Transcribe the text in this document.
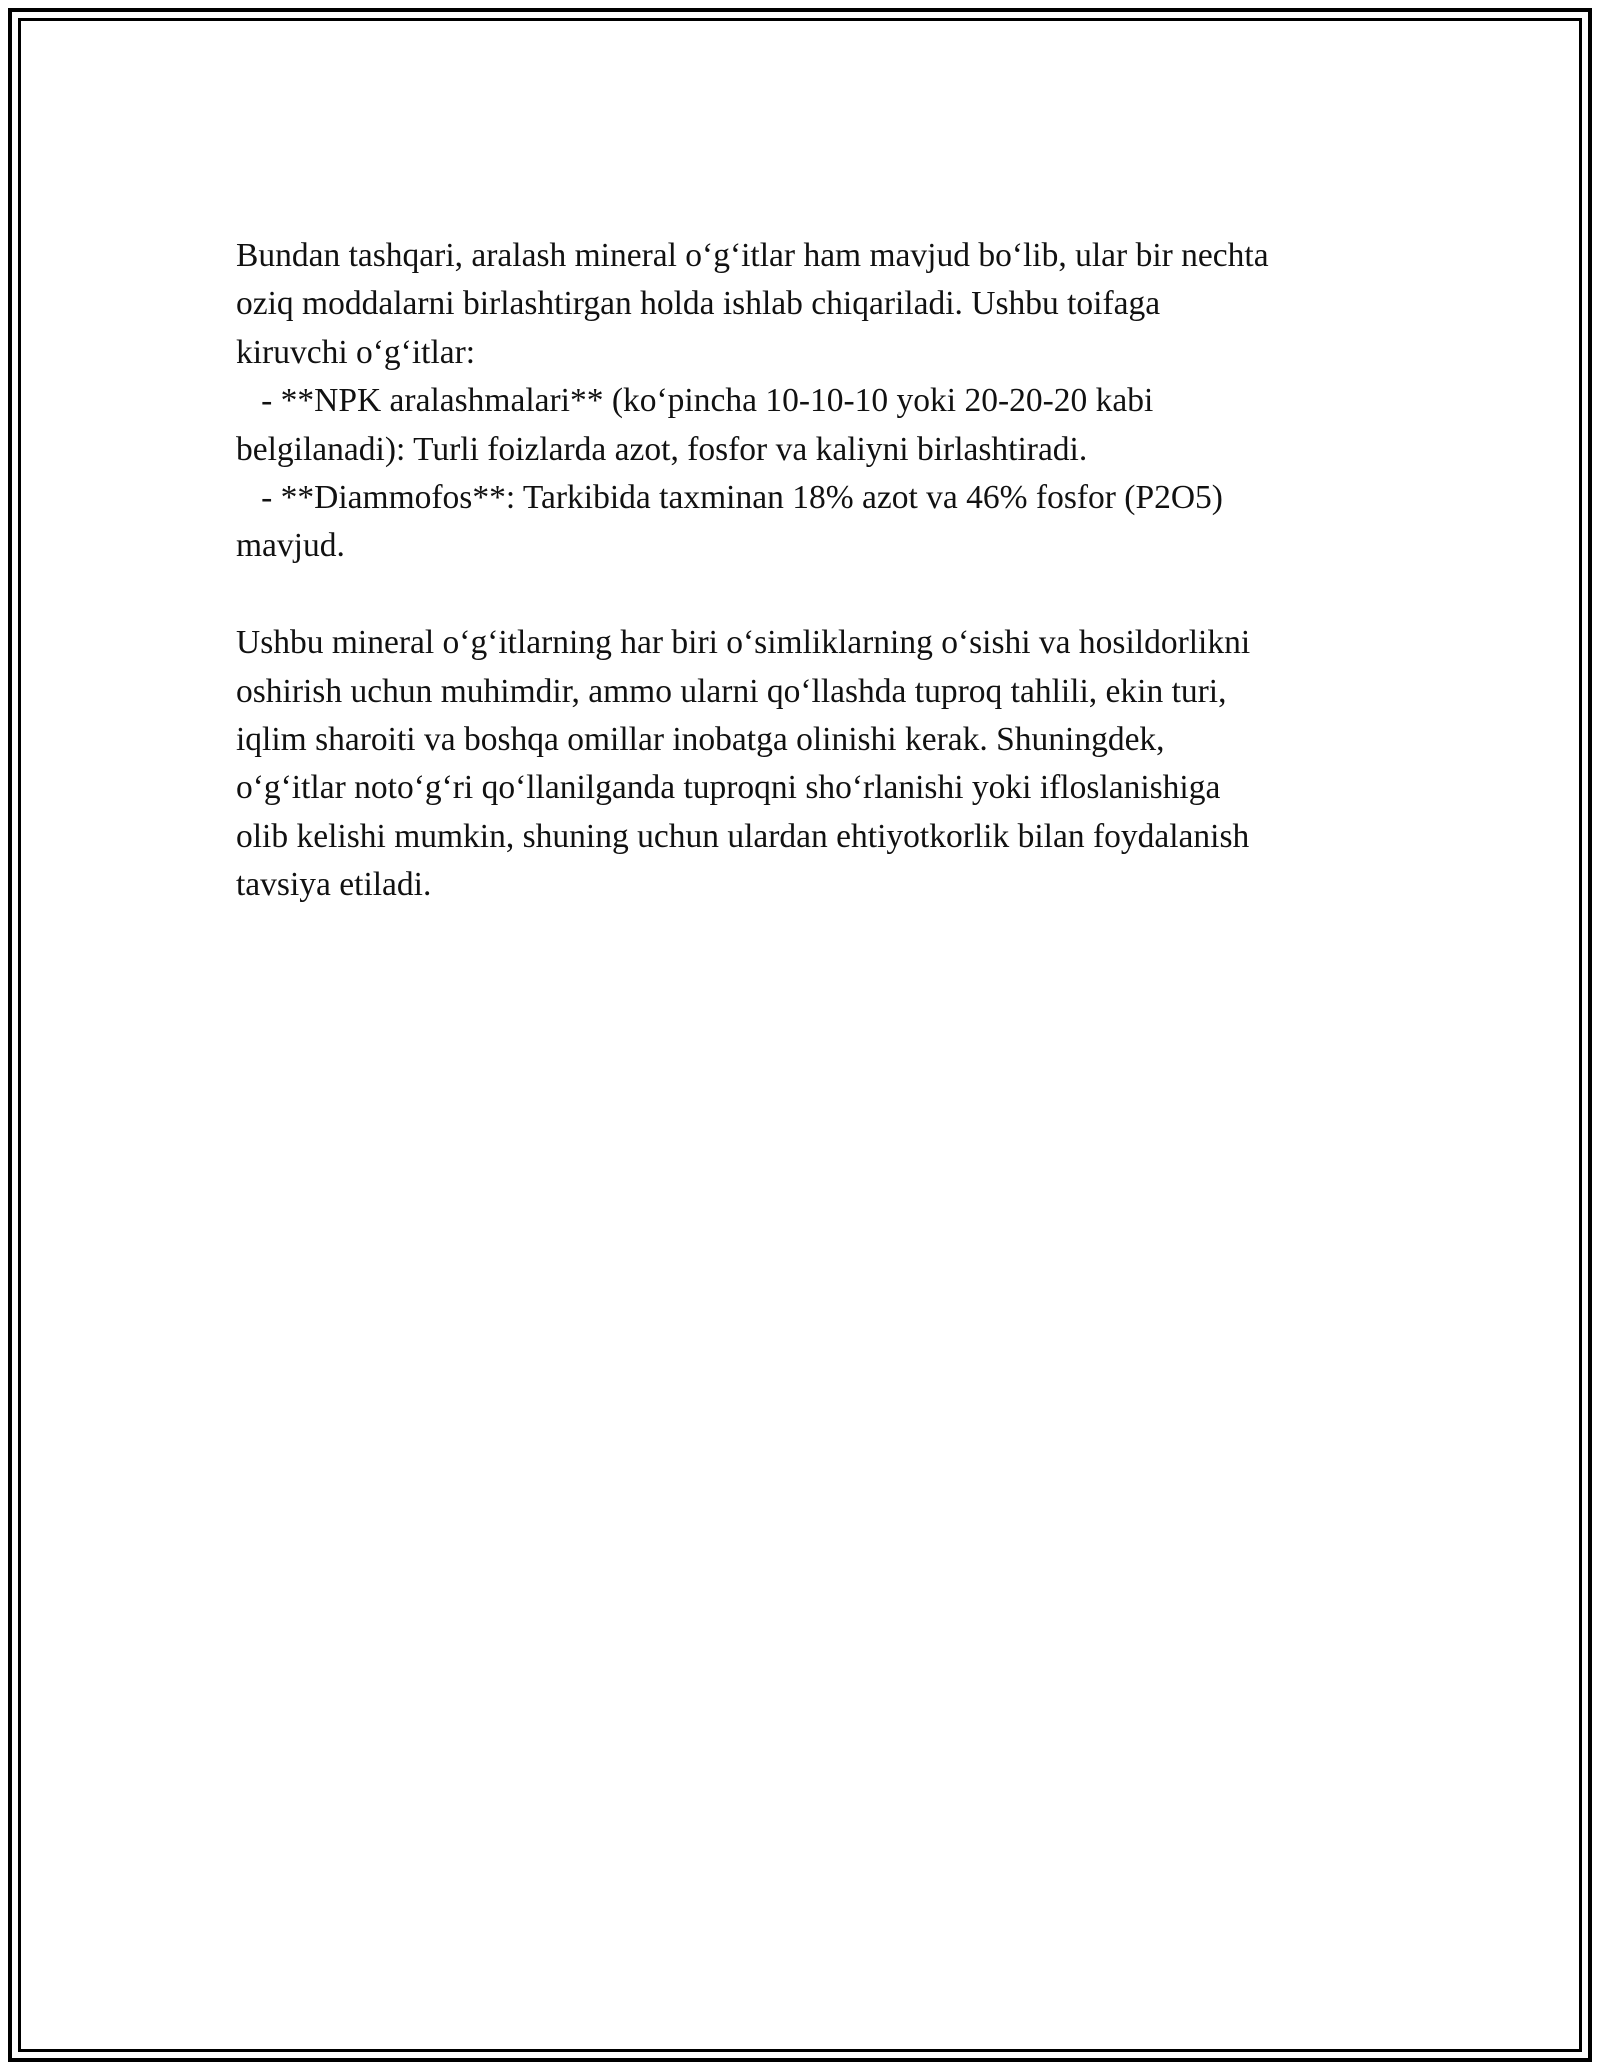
Bundan tashqari, aralash mineral o‘g‘itlar ham mavjud bo‘lib, ular bir nechta
oziq moddalarni birlashtirgan holda ishlab chiqariladi. Ushbu toifaga
kiruvchi o‘g‘itlar:
- **NPK aralashmalari** (ko‘pincha 10-10-10 yoki 20-20-20 kabi
belgilanadi): Turli foizlarda azot, fosfor va kaliyni birlashtiradi.
- **Diammofos**: Tarkibida taxminan 18% azot va 46% fosfor (P2O5)
mavjud.
Ushbu mineral o‘g‘itlarning har biri o‘simliklarning o‘sishi va hosildorlikni
oshirish uchun muhimdir, ammo ularni qo‘llashda tuproq tahlili, ekin turi,
iqlim sharoiti va boshqa omillar inobatga olinishi kerak. Shuningdek,
o‘g‘itlar noto‘g‘ri qo‘llanilganda tuproqni sho‘rlanishi yoki ifloslanishiga
olib kelishi mumkin, shuning uchun ulardan ehtiyotkorlik bilan foydalanish
tavsiya etiladi.
